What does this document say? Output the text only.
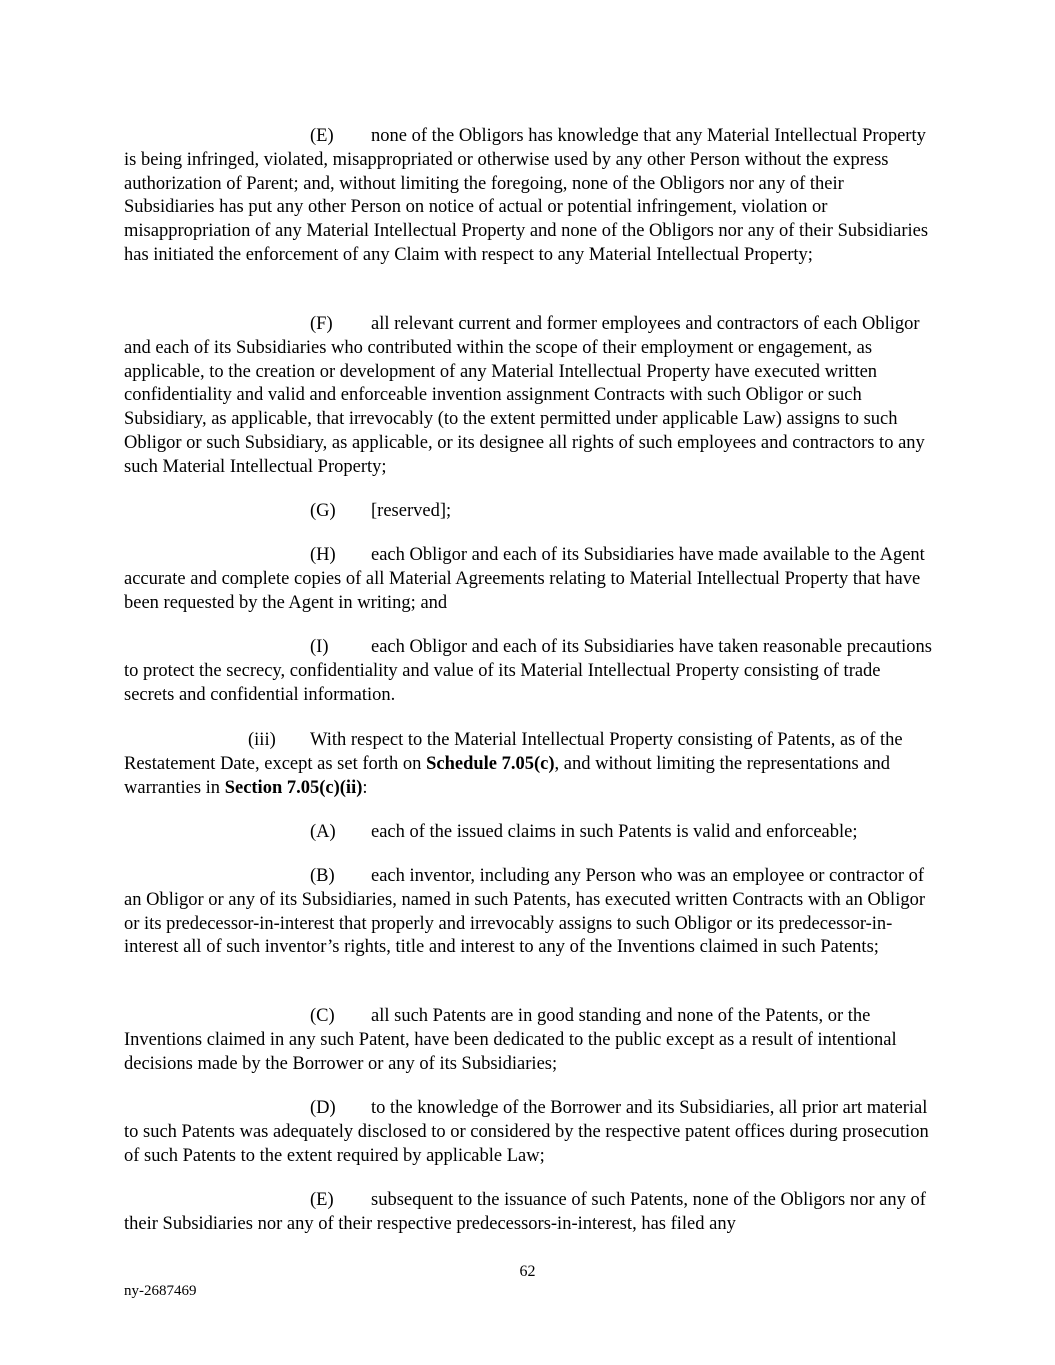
(E) none of the Obligors has knowledge that any Material Intellectual Property is being infringed, violated, misappropriated or otherwise used by any other Person without the express authorization of Parent; and, without limiting the foregoing, none of the Obligors nor any of their Subsidiaries has put any other Person on notice of actual or potential infringement, violation or misappropriation of any Material Intellectual Property and none of the Obligors nor any of their Subsidiaries has initiated the enforcement of any Claim with respect to any Material Intellectual Property;

(F) all relevant current and former employees and contractors of each Obligor and each of its Subsidiaries who contributed within the scope of their employment or engagement, as applicable, to the creation or development of any Material Intellectual Property have executed written confidentiality and valid and enforceable invention assignment Contracts with such Obligor or such Subsidiary, as applicable, that irrevocably (to the extent permitted under applicable Law) assigns to such Obligor or such Subsidiary, as applicable, or its designee all rights of such employees and contractors to any such Material Intellectual Property;

(G) [reserved];

(H) each Obligor and each of its Subsidiaries have made available to the Agent accurate and complete copies of all Material Agreements relating to Material Intellectual Property that have been requested by the Agent in writing; and

(I) each Obligor and each of its Subsidiaries have taken reasonable precautions to protect the secrecy, confidentiality and value of its Material Intellectual Property consisting of trade secrets and confidential information.

(iii) With respect to the Material Intellectual Property consisting of Patents, as of the Restatement Date, except as set forth on Schedule 7.05(c), and without limiting the representations and warranties in Section 7.05(c)(ii):

(A) each of the issued claims in such Patents is valid and enforceable;

(B) each inventor, including any Person who was an employee or contractor of an Obligor or any of its Subsidiaries, named in such Patents, has executed written Contracts with an Obligor or its predecessor-in-interest that properly and irrevocably assigns to such Obligor or its predecessor-in-interest all of such inventor’s rights, title and interest to any of the Inventions claimed in such Patents;

(C) all such Patents are in good standing and none of the Patents, or the Inventions claimed in any such Patent, have been dedicated to the public except as a result of intentional decisions made by the Borrower or any of its Subsidiaries;

(D) to the knowledge of the Borrower and its Subsidiaries, all prior art material to such Patents was adequately disclosed to or considered by the respective patent offices during prosecution of such Patents to the extent required by applicable Law;

(E) subsequent to the issuance of such Patents, none of the Obligors nor any of their Subsidiaries nor any of their respective predecessors-in-interest, has filed any

62
ny-2687469
